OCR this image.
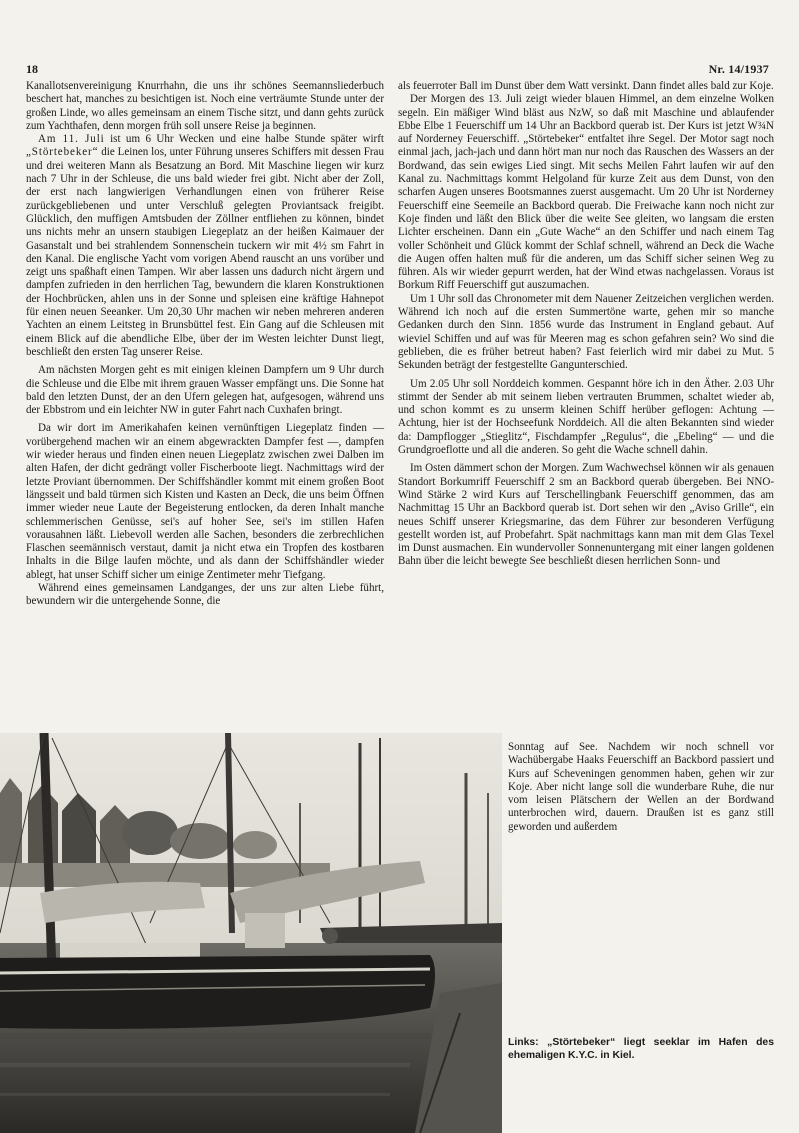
18	Nr. 14/1937

Kanallotsenvereinigung Knurrhahn, die uns ihr schönes Seemannsliederbuch beschert hat, manches zu besichtigen ist. Noch eine verträumte Stunde unter der großen Linde, wo alles gemeinsam an einem Tische sitzt, und dann gehts zurück zum Yachthafen, denn morgen früh soll unsere Reise ja beginnen.

Am 11. Juli ist um 6 Uhr Wecken und eine halbe Stunde später wirft „Störtebeker“ die Leinen los, unter Führung unseres Schiffers mit dessen Frau und drei weiteren Mann als Besatzung an Bord. Mit Maschine liegen wir kurz nach 7 Uhr in der Schleuse, die uns bald wieder frei gibt. Nicht aber der Zoll, der erst nach langwierigen Verhandlungen einen von früherer Reise zurückgebliebenen und unter Verschluß gelegten Proviantsack freigibt. Glücklich, den muffigen Amtsbuden der Zöllner entfliehen zu können, bindet uns nichts mehr an unsern staubigen Liegeplatz an der heißen Kaimauer der Gasanstalt und bei strahlendem Sonnenschein tuckern wir mit 4½ sm Fahrt in den Kanal. Die englische Yacht vom vorigen Abend rauscht an uns vorüber und zeigt uns spaßhaft einen Tampen. Wir aber lassen uns dadurch nicht ärgern und dampfen zufrieden in den herrlichen Tag, bewundern die klaren Konstruktionen der Hochbrücken, ahlen uns in der Sonne und spleisen eine kräftige Hahnepot für einen neuen Seeanker. Um 20,30 Uhr machen wir neben mehreren anderen Yachten an einem Leitsteg in Brunsbüttel fest. Ein Gang auf die Schleusen mit einem Blick auf die abendliche Elbe, über der im Westen leichter Dunst liegt, beschließt den ersten Tag unserer Reise.

Am nächsten Morgen geht es mit einigen kleinen Dampfern um 9 Uhr durch die Schleuse und die Elbe mit ihrem grauen Wasser empfängt uns. Die Sonne hat bald den letzten Dunst, der an den Ufern gelegen hat, aufgesogen, während uns der Ebbstrom und ein leichter NW in guter Fahrt nach Cuxhafen bringt.

Da wir dort im Amerikahafen keinen vernünftigen Liegeplatz finden — vorübergehend machen wir an einem abgewrackten Dampfer fest —, dampfen wir wieder heraus und finden einen neuen Liegeplatz zwischen zwei Dalben im alten Hafen, der dicht gedrängt voller Fischerboote liegt. Nachmittags wird der letzte Proviant übernommen. Der Schiffshändler kommt mit einem großen Boot längsseit und bald türmen sich Kisten und Kasten an Deck, die uns beim Öffnen immer wieder neue Laute der Begeisterung entlocken, da deren Inhalt manche schlemmerischen Genüsse, sei's auf hoher See, sei's im stillen Hafen vorausahnen läßt. Liebevoll werden alle Sachen, besonders die zerbrechlichen Flaschen seemännisch verstaut, damit ja nicht etwa ein Tropfen des kostbaren Inhalts in die Bilge laufen möchte, und als dann der Schiffshändler wieder ablegt, hat unser Schiff sicher um einige Zentimeter mehr Tiefgang.

Während eines gemeinsamen Landganges, der uns zur alten Liebe führt, bewundern wir die untergehende Sonne, die

als feuerroter Ball im Dunst über dem Watt versinkt. Dann findet alles bald zur Koje.

Der Morgen des 13. Juli zeigt wieder blauen Himmel, an dem einzelne Wolken segeln. Ein mäßiger Wind bläst aus NzW, so daß mit Maschine und ablaufender Ebbe Elbe 1 Feuerschiff um 14 Uhr an Backbord querab ist. Der Kurs ist jetzt W¾N auf Norderney Feuerschiff. „Störtebeker“ entfaltet ihre Segel. Der Motor sagt noch einmal jach, jach-jach und dann hört man nur noch das Rauschen des Wassers an der Bordwand, das sein ewiges Lied singt. Mit sechs Meilen Fahrt laufen wir auf den Kanal zu. Nachmittags kommt Helgoland für kurze Zeit aus dem Dunst, von den scharfen Augen unseres Bootsmannes zuerst ausgemacht. Um 20 Uhr ist Norderney Feuerschiff eine Seemeile an Backbord querab. Die Freiwache kann noch nicht zur Koje finden und läßt den Blick über die weite See gleiten, wo langsam die ersten Lichter erscheinen. Dann ein „Gute Wache“ an den Schiffer und nach einem Tag voller Schönheit und Glück kommt der Schlaf schnell, während an Deck die Wache die Augen offen halten muß für die anderen, um das Schiff sicher seinen Weg zu führen. Als wir wieder gepurrt werden, hat der Wind etwas nachgelassen. Voraus ist Borkum Riff Feuerschiff gut auszumachen.

Um 1 Uhr soll das Chronometer mit dem Nauener Zeitzeichen verglichen werden. Während ich noch auf die ersten Summertöne warte, gehen mir so manche Gedanken durch den Sinn. 1856 wurde das Instrument in England gebaut. Auf wieviel Schiffen und auf was für Meeren mag es schon gefahren sein? Wo sind die geblieben, die es früher betreut haben? Fast feierlich wird mir dabei zu Mut. 5 Sekunden beträgt der festgestellte Gangunterschied.

Um 2.05 Uhr soll Norddeich kommen. Gespannt höre ich in den Äther. 2.03 Uhr stimmt der Sender ab mit seinem lieben vertrauten Brummen, schaltet wieder ab, und schon kommt es zu unserm kleinen Schiff herüber geflogen: Achtung — Achtung, hier ist der Hochseefunk Norddeich. All die alten Bekannten sind wieder da: Dampflogger „Stieglitz“, Fischdampfer „Regulus“, die „Ebeling“ — und die Grundgroeflotte und all die anderen. So geht die Wache schnell dahin.

Im Osten dämmert schon der Morgen. Zum Wachwechsel können wir als genauen Standort Borkumriff Feuerschiff 2 sm an Backbord querab übergeben. Bei NNO-Wind Stärke 2 wird Kurs auf Terschellingbank Feuerschiff genommen, das am Nachmittag 15 Uhr an Backbord querab ist. Dort sehen wir den „Aviso Grille“, ein neues Schiff unserer Kriegsmarine, das dem Führer zur besonderen Verfügung gestellt worden ist, auf Probefahrt. Spät nachmittags kann man mit dem Glas Texel im Dunst ausmachen. Ein wundervoller Sonnenuntergang mit einer langen goldenen Bahn über die leicht bewegte See beschließt diesen herrlichen Sonn- und

Sonntag auf See. Nachdem wir noch schnell vor Wachübergabe Haaks Feuerschiff an Backbord passiert und Kurs auf Scheveningen genommen haben, gehen wir zur Koje. Aber nicht lange soll die wunderbare Ruhe, die nur vom leisen Plätschern der Wellen an der Bordwand unterbrochen wird, dauern. Draußen ist es ganz still geworden und außerdem

Links: „Störtebeker“ liegt seeklar im Hafen des ehemaligen K.Y.C. in Kiel.
